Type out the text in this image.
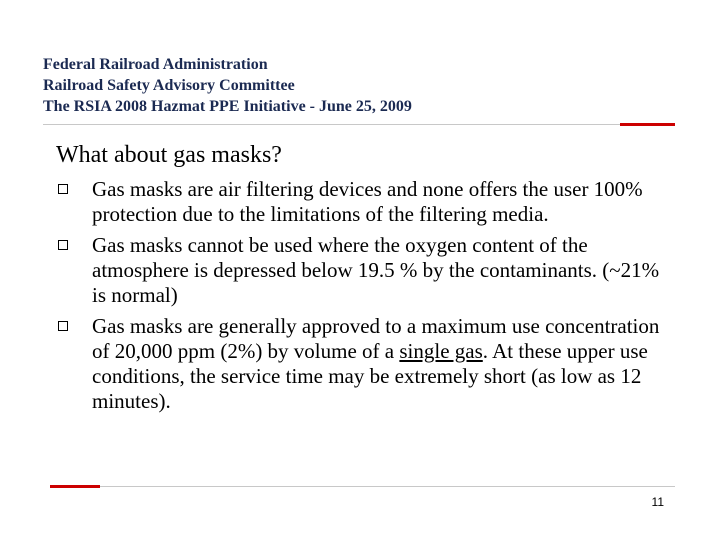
Federal Railroad Administration
Railroad Safety Advisory Committee
The RSIA 2008 Hazmat PPE Initiative - June 25, 2009
What about gas masks?
Gas masks are air filtering devices and none offers the user 100% protection due to the limitations of the filtering media.
Gas masks cannot be used where the oxygen content of the atmosphere is depressed below 19.5 % by the contaminants. (~21% is normal)
Gas masks are generally approved to a maximum use concentration of 20,000 ppm (2%) by volume of a single gas. At these upper use conditions, the service time may be extremely short (as low as 12 minutes).
11
